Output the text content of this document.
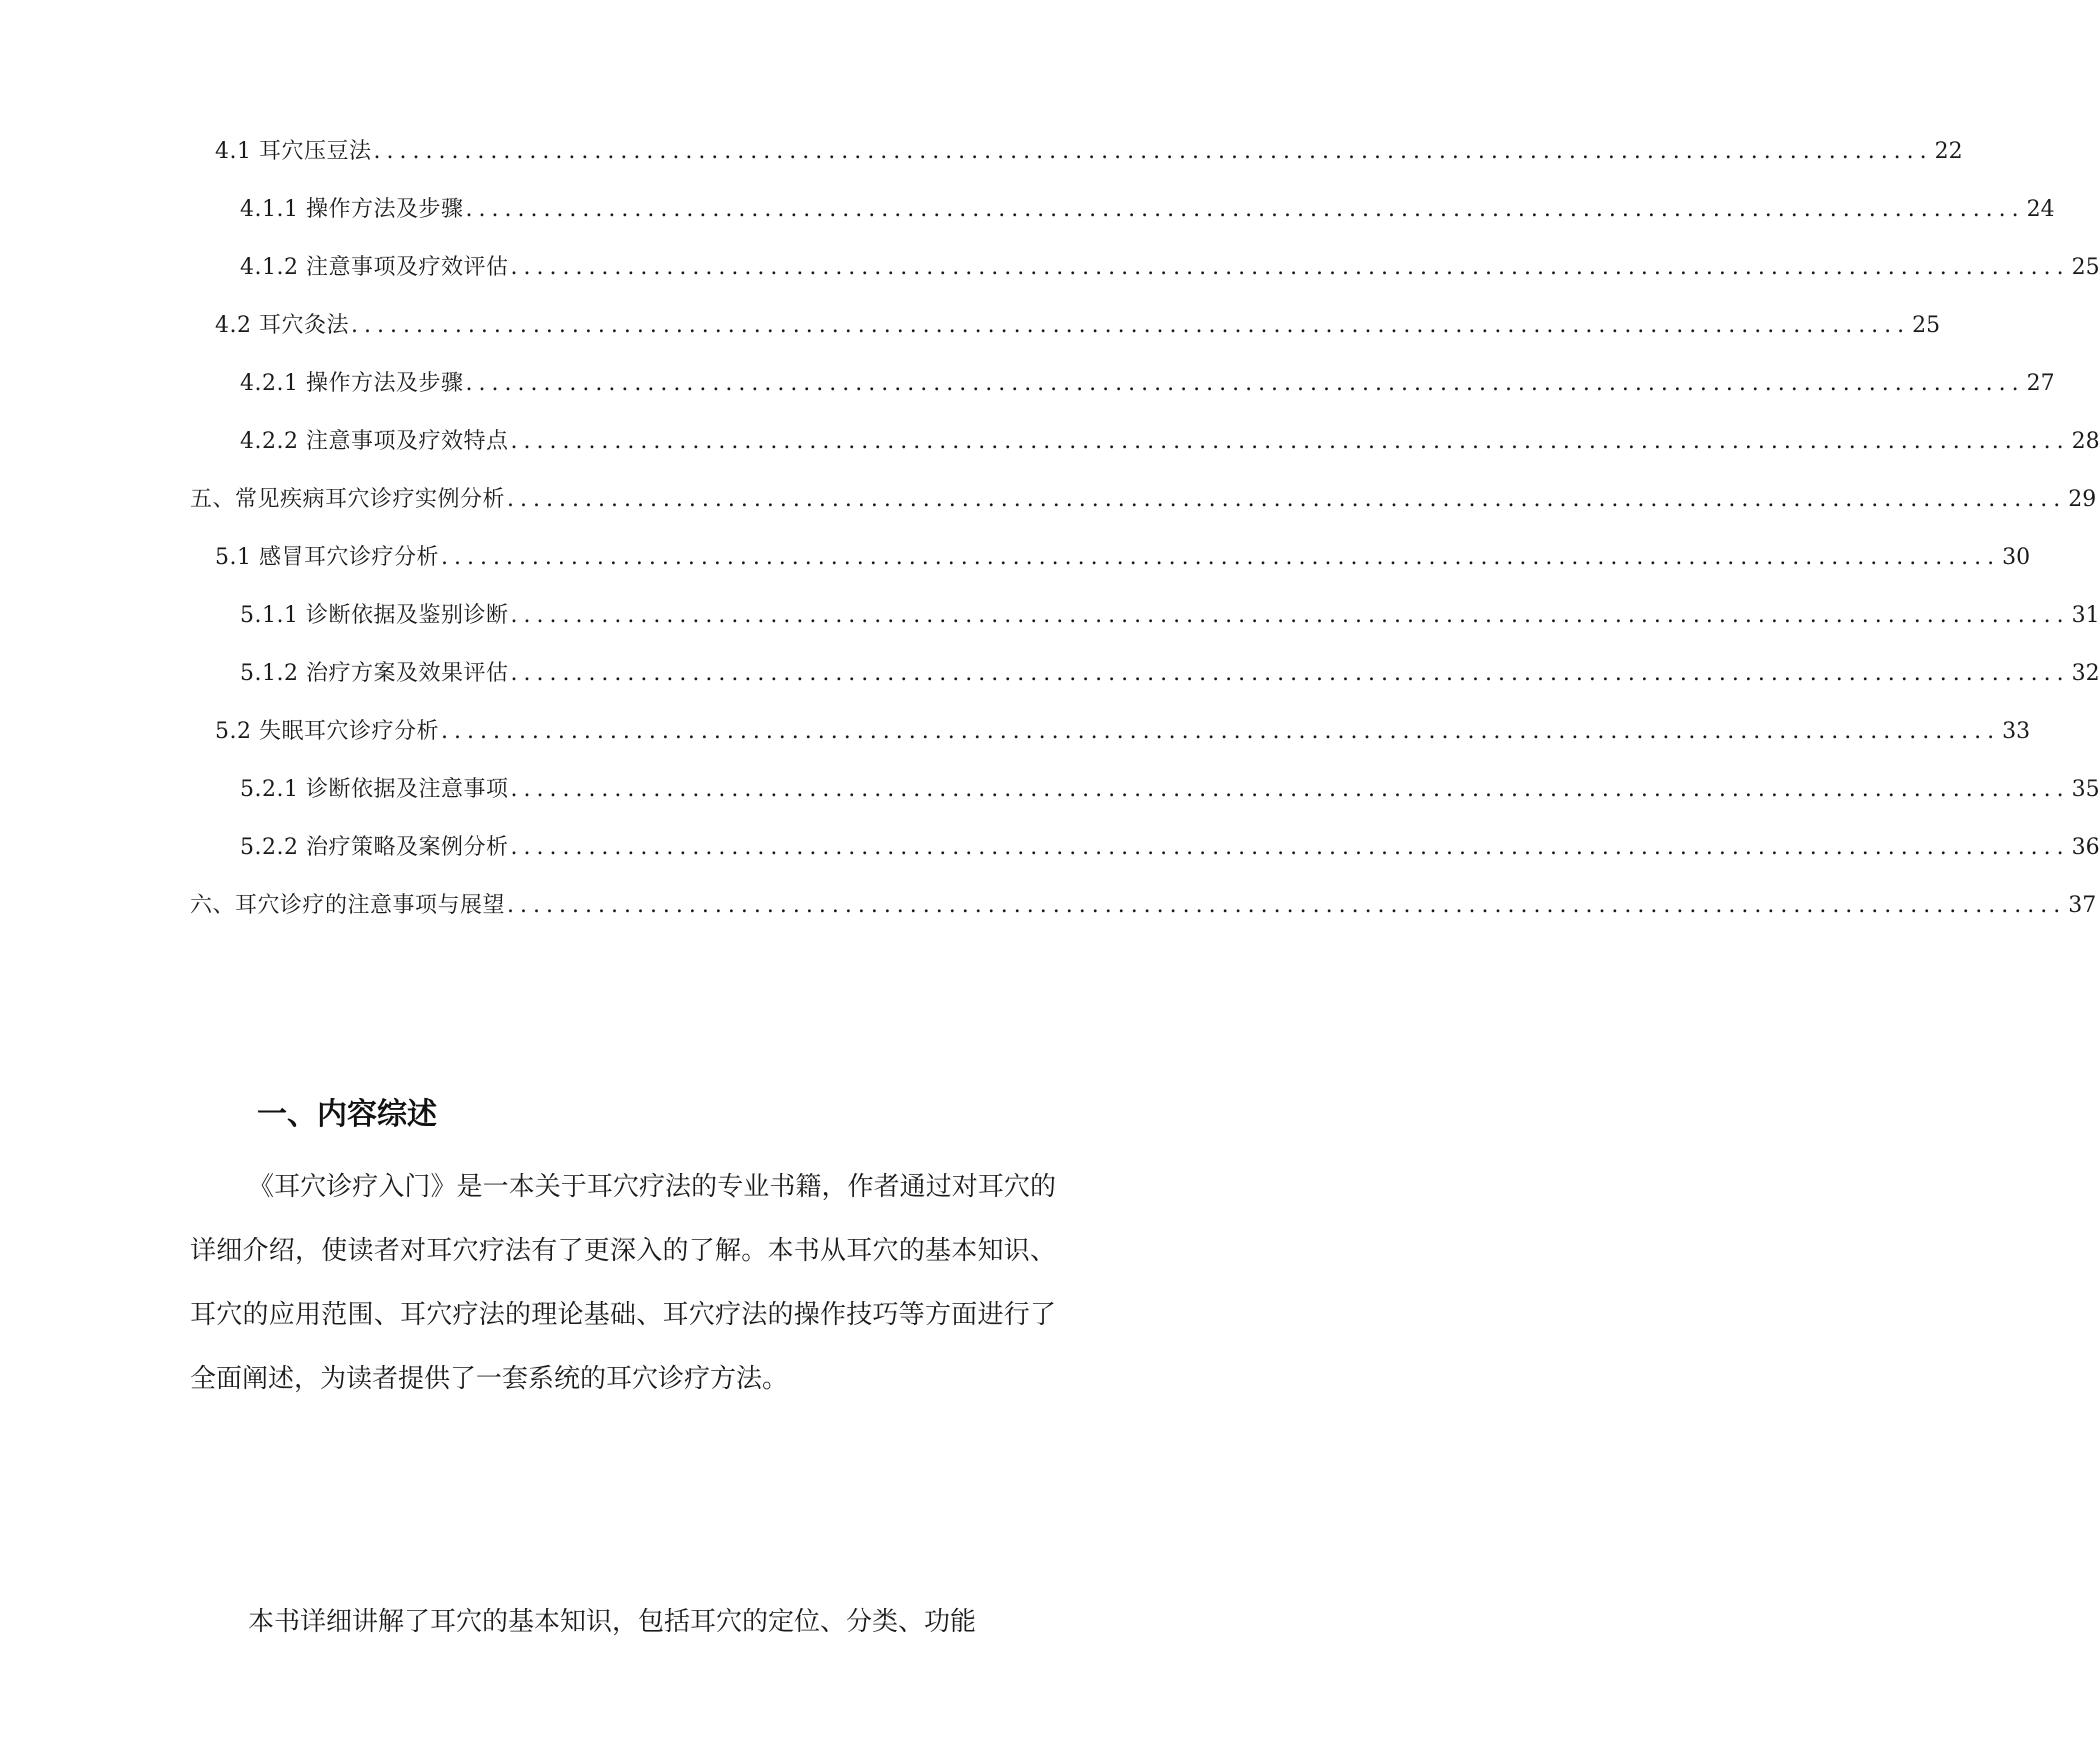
4.1 耳穴压豆法 ........................................................................................................................ 22
4.1.1 操作方法及步骤 ........................................................................................................................ 24
4.1.2 注意事项及疗效评估 ........................................................................................................................ 25
4.2 耳穴灸法 ........................................................................................................................ 25
4.2.1 操作方法及步骤 ........................................................................................................................ 27
4.2.2 注意事项及疗效特点 ........................................................................................................................ 28
五、常见疾病耳穴诊疗实例分析 ........................................................................................................................ 29
5.1 感冒耳穴诊疗分析 ........................................................................................................................ 30
5.1.1 诊断依据及鉴别诊断 ........................................................................................................................ 31
5.1.2 治疗方案及效果评估 ........................................................................................................................ 32
5.2 失眠耳穴诊疗分析 ........................................................................................................................ 33
5.2.1 诊断依据及注意事项 ........................................................................................................................ 35
5.2.2 治疗策略及案例分析 ........................................................................................................................ 36
六、耳穴诊疗的注意事项与展望 ........................................................................................................................ 37
一、内容综述

《耳穴诊疗入门》是一本关于耳穴疗法的专业书籍，作者通过对耳穴的详细介绍，使读者对耳穴疗法有了更深入的了解。本书从耳穴的基本知识、耳穴的应用范围、耳穴疗法的理论基础、耳穴疗法的操作技巧等方面进行了全面阐述，为读者提供了一套系统的耳穴诊疗方法。

本书详细讲解了耳穴的基本知识，包括耳穴的定位、分类、功能
